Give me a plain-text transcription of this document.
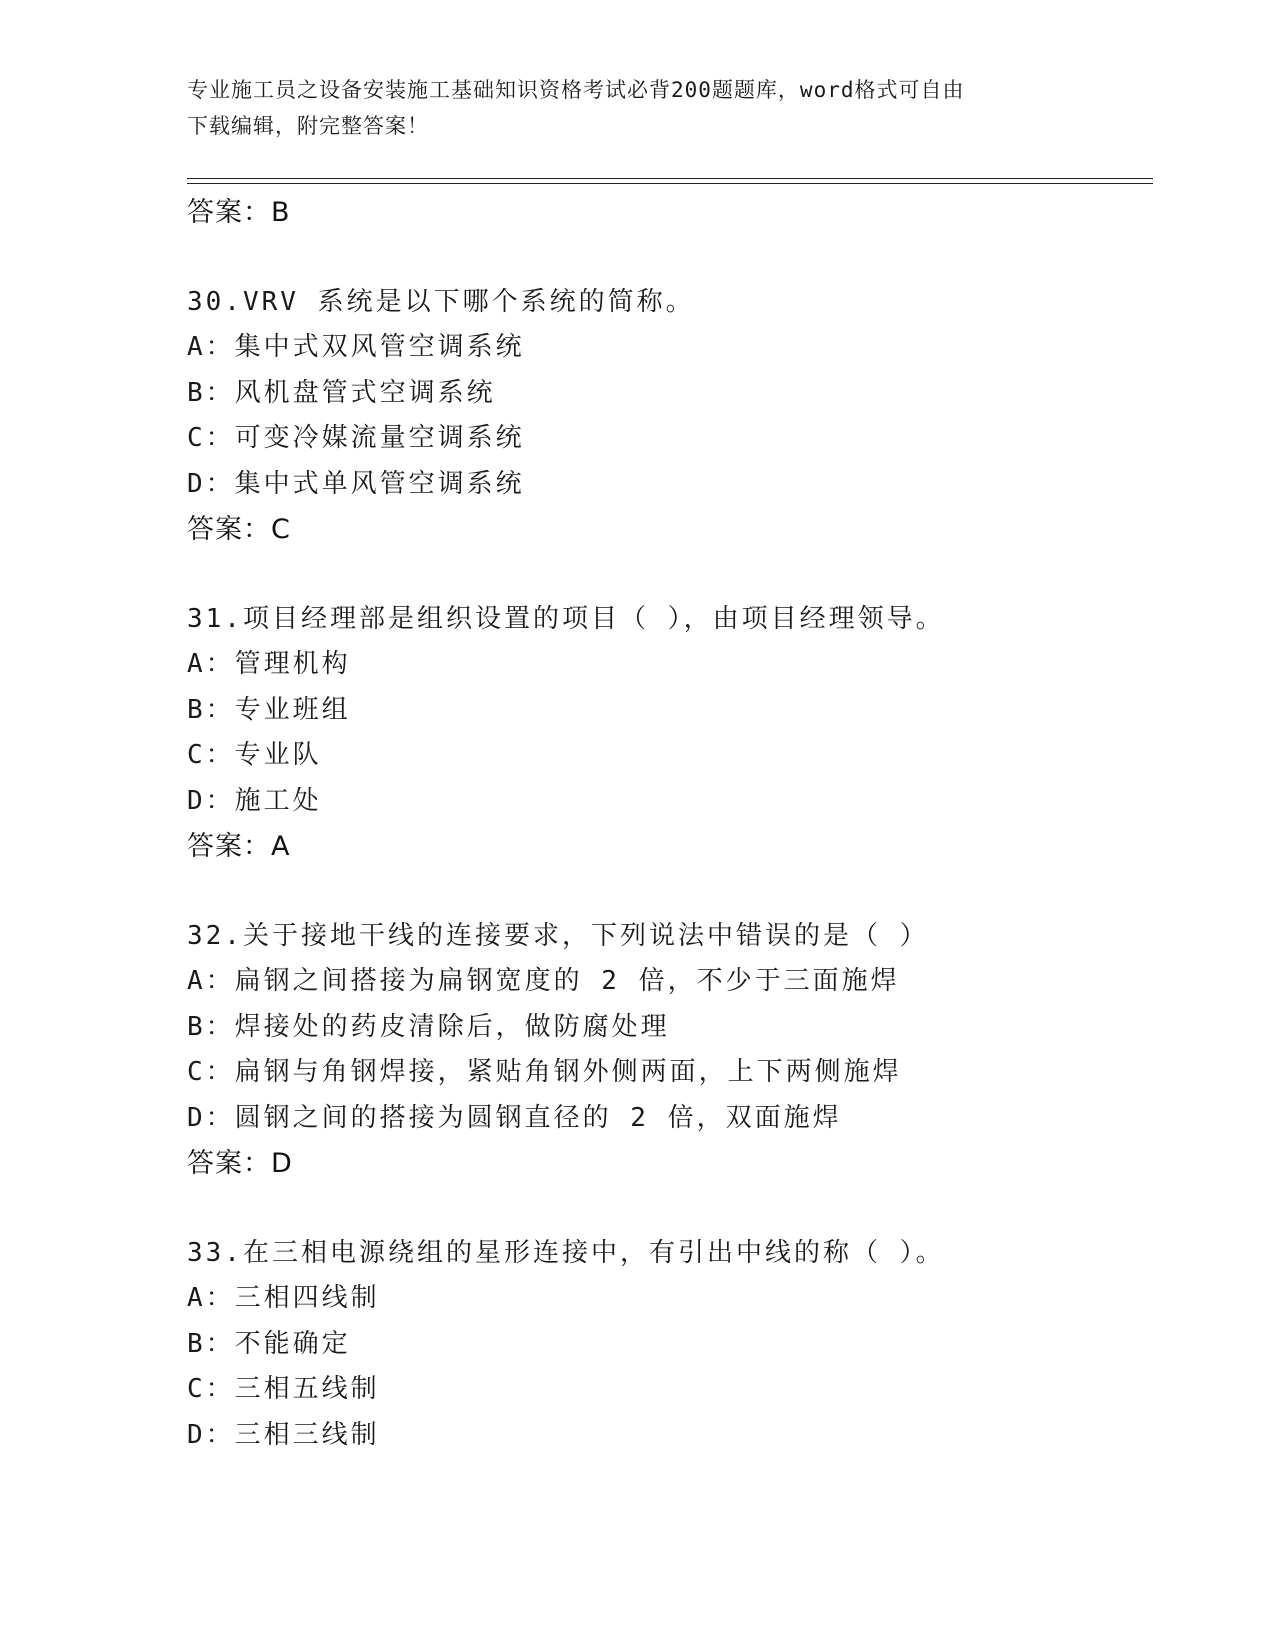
专业施工员之设备安装施工基础知识资格考试必背200题题库，word格式可自由
下载编辑，附完整答案！
答案：B
30.VRV 系统是以下哪个系统的简称。
A：集中式双风管空调系统
B：风机盘管式空调系统
C：可变冷媒流量空调系统
D：集中式单风管空调系统
答案：C
31.项目经理部是组织设置的项目（ ），由项目经理领导。
A：管理机构
B：专业班组
C：专业队
D：施工处
答案：A
32.关于接地干线的连接要求，下列说法中错误的是（ ）
A：扁钢之间搭接为扁钢宽度的 2 倍，不少于三面施焊
B：焊接处的药皮清除后，做防腐处理
C：扁钢与角钢焊接，紧贴角钢外侧两面，上下两侧施焊
D：圆钢之间的搭接为圆钢直径的 2 倍，双面施焊
答案：D
33.在三相电源绕组的星形连接中，有引出中线的称（ ）。
A：三相四线制
B：不能确定
C：三相五线制
D：三相三线制
